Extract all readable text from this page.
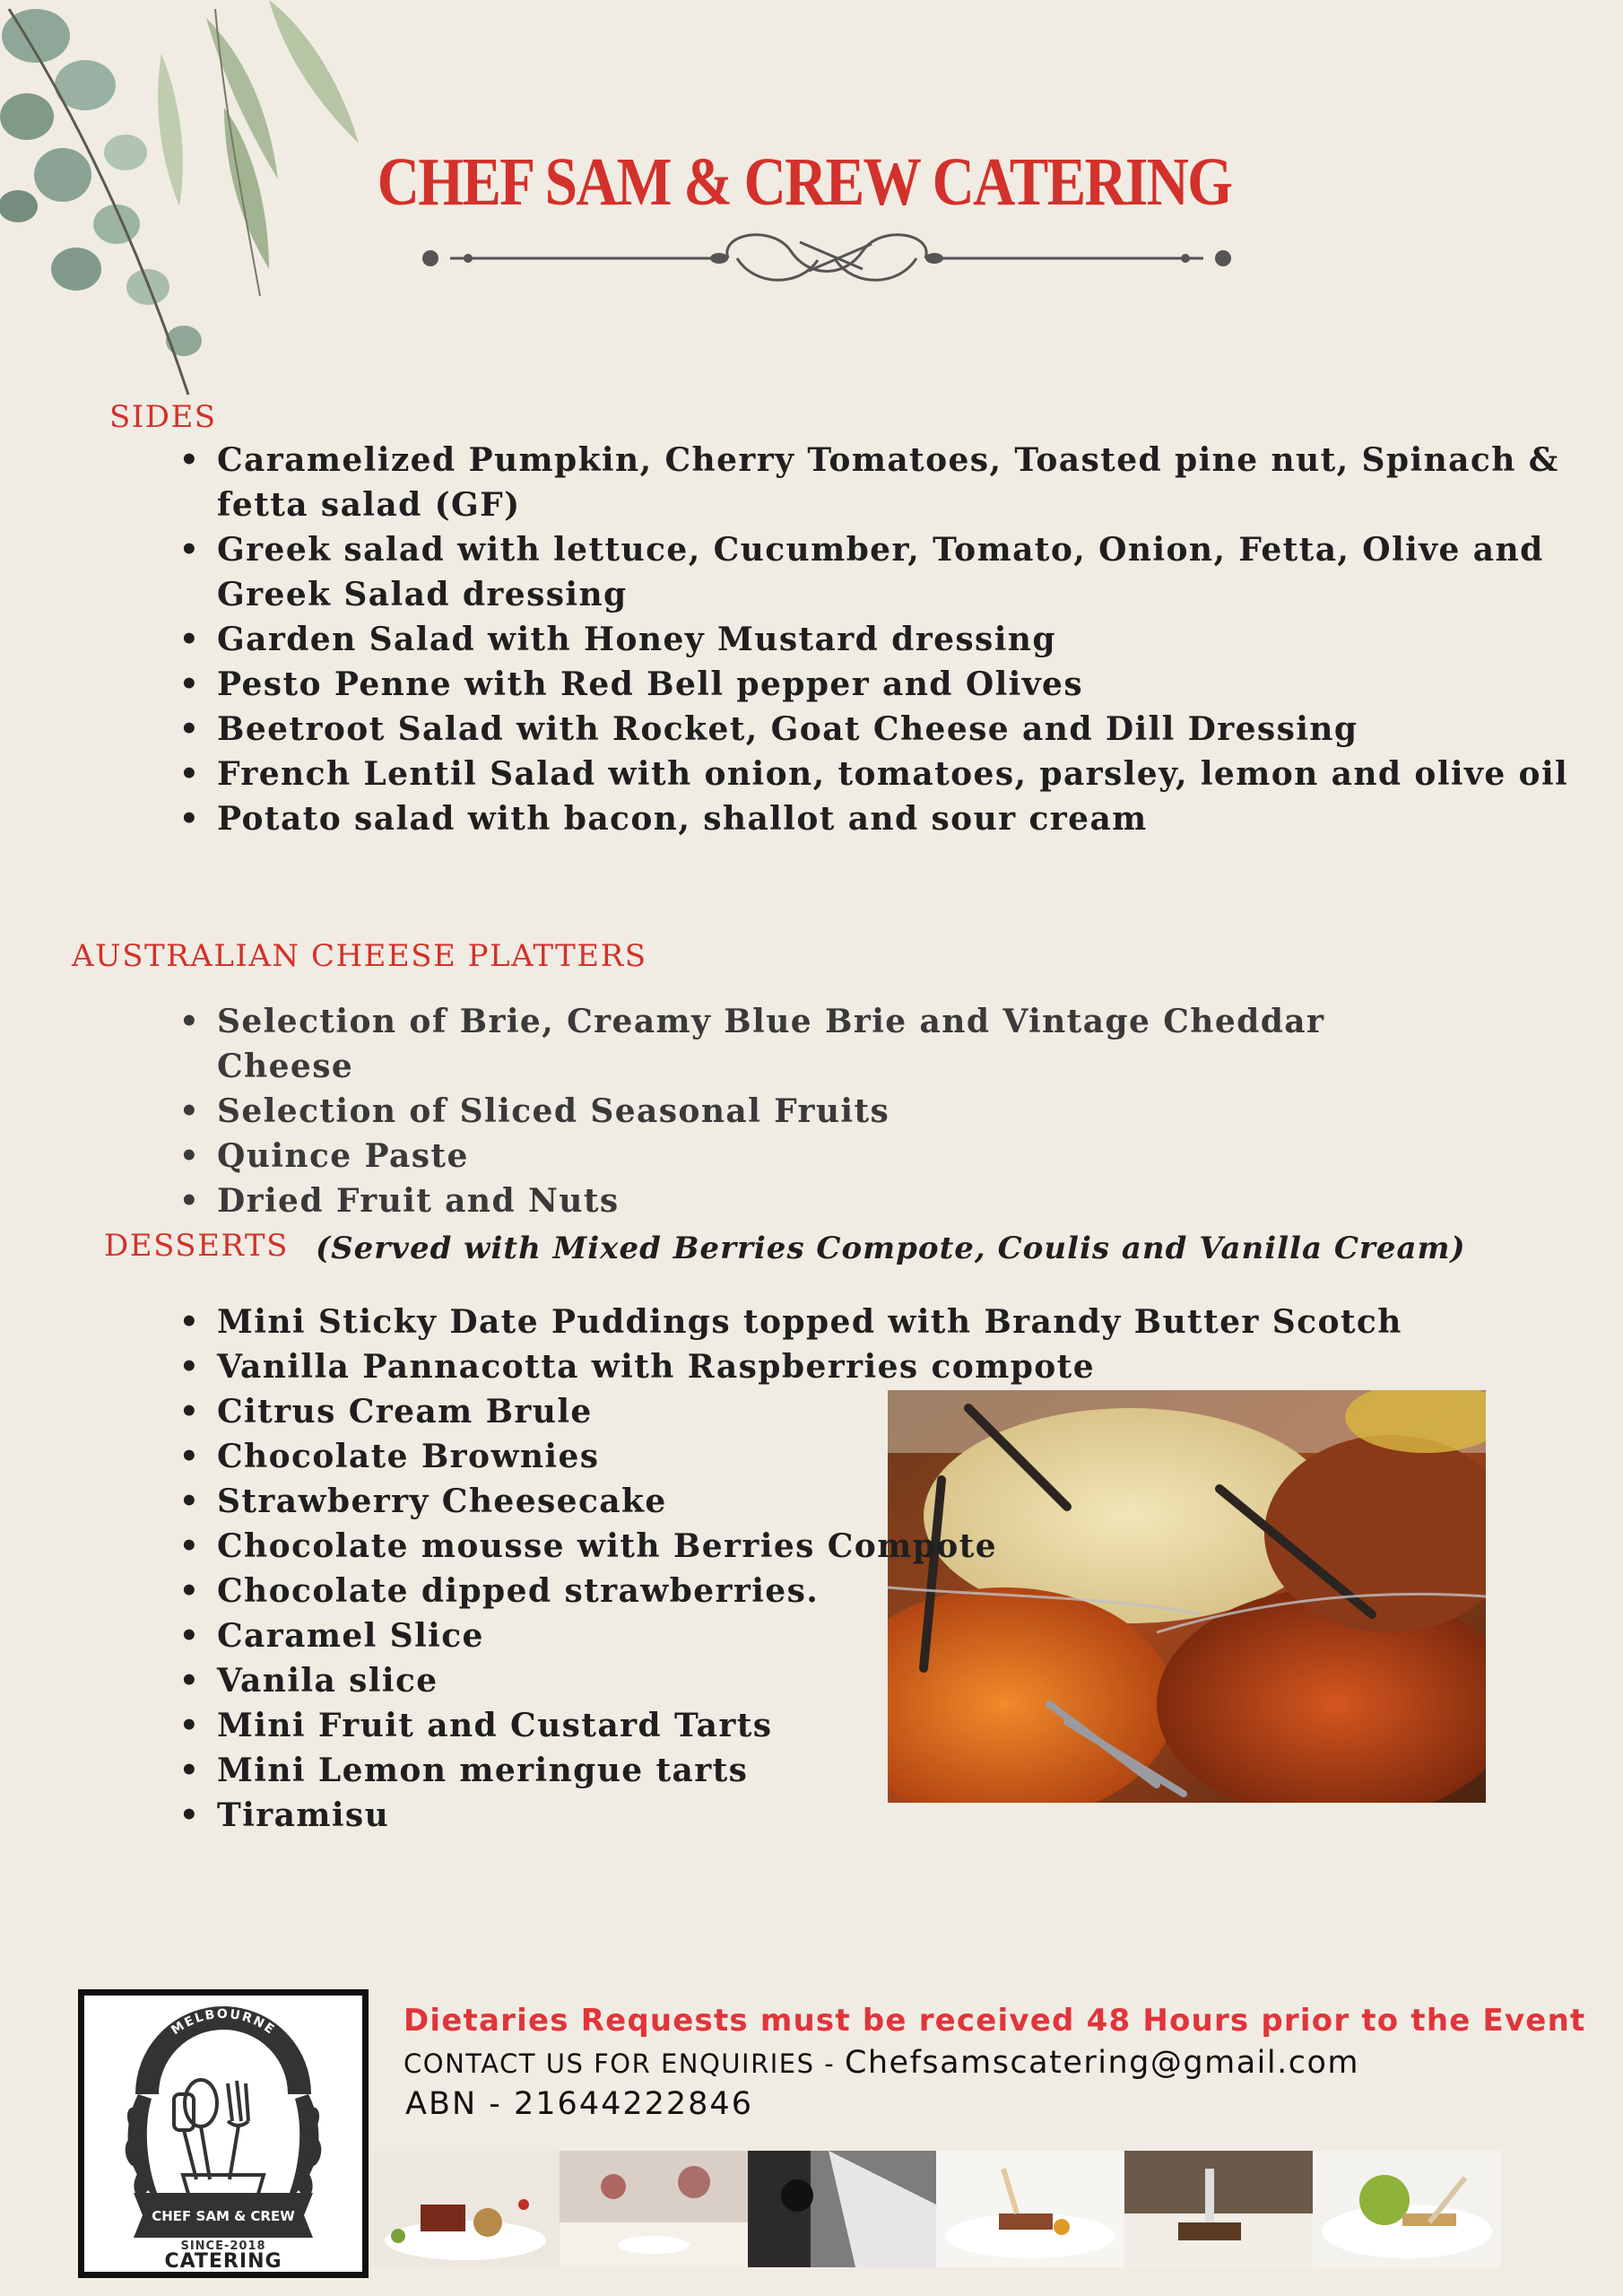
CHEF SAM & CREW CATERING
SIDES
• Caramelized Pumpkin, Cherry Tomatoes, Toasted pine nut, Spinach & fetta salad (GF)
• Greek salad with lettuce, Cucumber, Tomato, Onion, Fetta, Olive and Greek Salad dressing
• Garden Salad with Honey Mustard dressing
• Pesto Penne with Red Bell pepper and Olives
• Beetroot Salad with Rocket, Goat Cheese and Dill Dressing
• French Lentil Salad with onion, tomatoes, parsley, lemon and olive oil
• Potato salad with bacon, shallot and sour cream
AUSTRALIAN CHEESE PLATTERS
• Selection of Brie, Creamy Blue Brie and Vintage Cheddar Cheese
• Selection of Sliced Seasonal Fruits
• Quince Paste
• Dried Fruit and Nuts
DESSERTS (Served with Mixed Berries Compote, Coulis and Vanilla Cream)
• Mini Sticky Date Puddings topped with Brandy Butter Scotch
• Vanilla Pannacotta with Raspberries compote
• Citrus Cream Brule
• Chocolate Brownies
• Strawberry Cheesecake
• Chocolate mousse with Berries Compote
• Chocolate dipped strawberries.
• Caramel Slice
• Vanila slice
• Mini Fruit and Custard Tarts
• Mini Lemon meringue tarts
• Tiramisu
MELBOURNE
CHEF SAM & CREW
SINCE-2018
CATERING
Dietaries Requests must be received 48 Hours prior to the Event
CONTACT US FOR ENQUIRIES - Chefsamscatering@gmail.com
ABN - 21644222846
